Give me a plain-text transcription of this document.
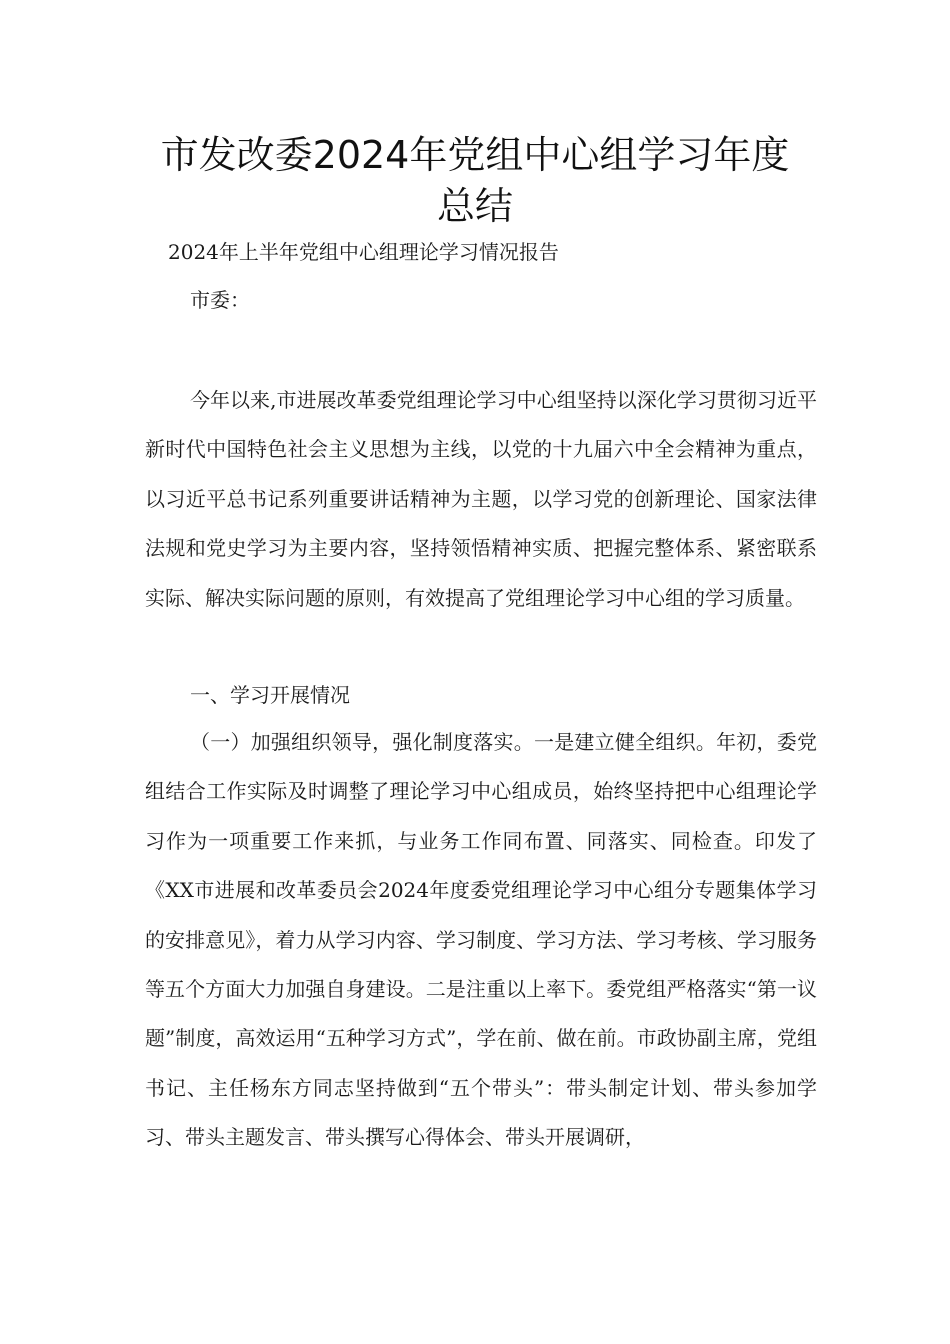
市发改委2024年党组中心组学习年度
总结
2024年上半年党组中心组理论学习情况报告
市委：

今年以来,市进展改革委党组理论学习中心组坚持以深化学习贯彻习近平新时代中国特色社会主义思想为主线，以党的十九届六中全会精神为重点，以习近平总书记系列重要讲话精神为主题，以学习党的创新理论、国家法律法规和党史学习为主要内容，坚持领悟精神实质、把握完整体系、紧密联系实际、解决实际问题的原则，有效提高了党组理论学习中心组的学习质量。

一、学习开展情况

（一）加强组织领导，强化制度落实。一是建立健全组织。年初，委党组结合工作实际及时调整了理论学习中心组成员，始终坚持把中心组理论学习作为一项重要工作来抓，与业务工作同布置、同落实、同检查。印发了《XX市进展和改革委员会2024年度委党组理论学习中心组分专题集体学习的安排意见》，着力从学习内容、学习制度、学习方法、学习考核、学习服务等五个方面大力加强自身建设。二是注重以上率下。委党组严格落实“第一议题”制度，高效运用“五种学习方式”，学在前、做在前。市政协副主席，党组书记、主任杨东方同志坚持做到“五个带头”：带头制定计划、带头参加学习、带头主题发言、带头撰写心得体会、带头开展调研，
